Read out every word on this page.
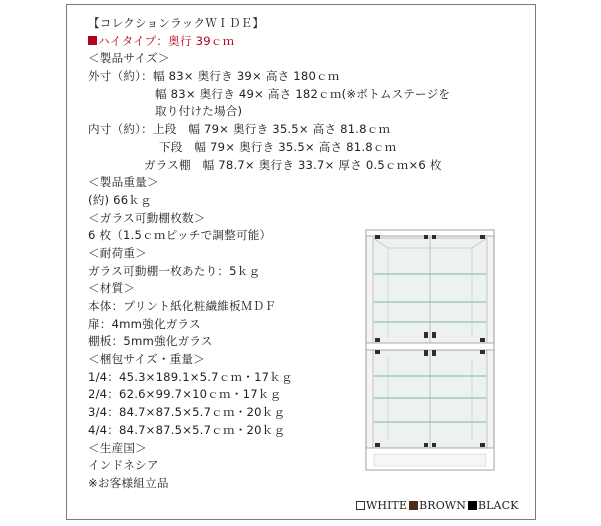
【コレクションラックＷＩＤＥ】
ハイタイプ：奥行 39ｃｍ
＜製品サイズ＞
外寸（約）：幅 83× 奥行き 39× 高さ 180ｃｍ
幅 83× 奥行き 49× 高さ 182ｃｍ(※ボトムステージを
取り付けた場合)
内寸（約）：上段　幅 79× 奥行き 35.5× 高さ 81.8ｃｍ
下段　幅 79× 奥行き 35.5× 高さ 81.8ｃｍ
ガラス棚　幅 78.7× 奥行き 33.7× 厚さ 0.5ｃｍ×6 枚
＜製品重量＞
(約) 66ｋｇ
＜ガラス可動棚枚数＞
6 枚（1.5ｃｍピッチで調整可能）
＜耐荷重＞
ガラス可動棚一枚あたり：5ｋｇ
＜材質＞
本体：プリント紙化粧繊維板ＭＤＦ
扉：4mm強化ガラス
棚板：5mm強化ガラス
＜梱包サイズ・重量＞
1/4：45.3×189.1×5.7ｃｍ・17ｋｇ
2/4：62.6×99.7×10ｃｍ・17ｋｇ
3/4：84.7×87.5×5.7ｃｍ・20ｋｇ
4/4：84.7×87.5×5.7ｃｍ・20ｋｇ
＜生産国＞
インドネシア
※お客様組立品
WHITE BROWN BLACK
